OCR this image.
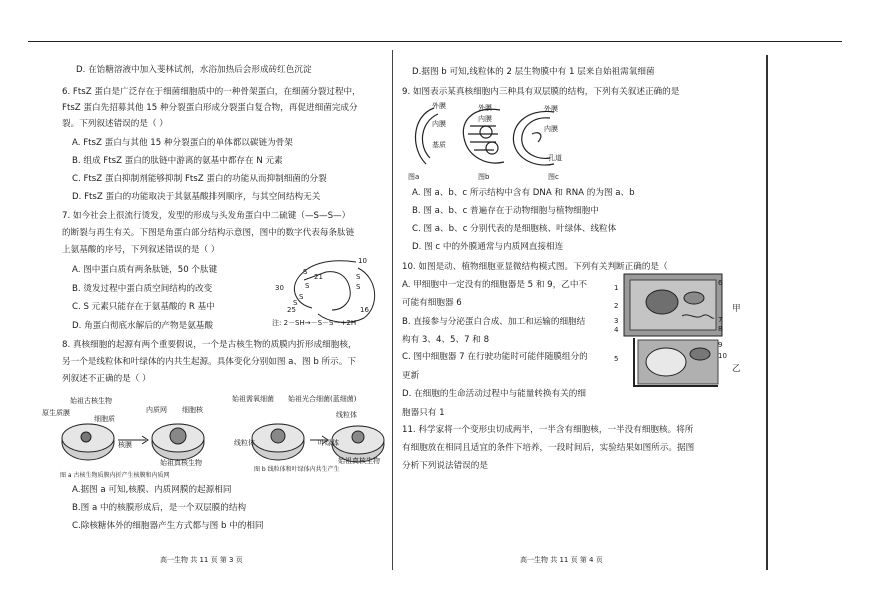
D. 在饴糖溶液中加入斐林试剂，水浴加热后会形成砖红色沉淀
6. FtsZ 蛋白是广泛存在于细菌细胞质中的一种骨架蛋白，在细菌分裂过程中，
FtsZ 蛋白先招募其他 15 种分裂蛋白形成分裂蛋白复合物，再促进细菌完成分
裂。下列叙述错误的是（ ）
A. FtsZ 蛋白与其他 15 种分裂蛋白的单体都以碳链为骨架
B. 组成 FtsZ 蛋白的肽链中游离的氨基中都存在 N 元素
C. FtsZ 蛋白抑制剂能够抑制 FtsZ 蛋白的功能从而抑制细菌的分裂
D. FtsZ 蛋白的功能取决于其氨基酸排列顺序，与其空间结构无关
7. 如今社会上很流行烫发，发型的形成与头发角蛋白中二硫键（—S—S—）
的断裂与再生有关。下图是角蛋白部分结构示意图，图中的数字代表每条肽链
上氨基酸的序号，下列叙述错误的是（ ）
A. 图中蛋白质有两条肽链，50 个肽键
B. 烫发过程中蛋白质空间结构的改变
C. S 元素只能存在于氨基酸的 R 基中
D. 角蛋白彻底水解后的产物是氨基酸
8. 真核细胞的起源有两个重要假说，一个是古核生物的质膜内折形成细胞核，
另一个是线粒体和叶绿体的内共生起源。具体变化分别如图 a、图 b 所示。下
列叙述不正确的是（ ）
A.据图 a 可知,核膜、内质网膜的起源相同
B.图 a 中的核膜形成后，是一个双层膜的结构
C.除核糖体外的细胞器产生方式都与图 b 中的相同
10
21
30
16
25
S
S
S
S
S
S
注: 2－SH→－S－S－+2H
始祖古核生物
原生质膜	内质网 细胞核
细胞质
核膜
始祖真核生物
始祖需氧细菌 始祖光合细菌(蓝细菌)
线粒体
线粒体	叶绿体
始祖真核生物
图 a 古核生物质膜内折产生核膜和内质网
图 b 线粒体和叶绿体内共生产生
高一生物 共 11 页 第 3 页
D.据图 b 可知,线粒体的 2 层生物膜中有 1 层来自始祖需氧细菌
9. 如图表示某真核细胞内三种具有双层膜的结构，下列有关叙述正确的是
A. 图 a、b、c 所示结构中含有 DNA 和 RNA 的为图 a、b
B. 图 a、b、c 普遍存在于动物细胞与植物细胞中
C. 图 a、b、c 分别代表的是细胞核、叶绿体、线粒体
D. 图 c 中的外膜通常与内质网直接相连
10. 如图是动、植物细胞亚显微结构模式图。下列有关判断正确的是（
A. 甲细胞中一定没有的细胞器是 5 和 9，乙中不
可能有细胞器 6
B. 直接参与分泌蛋白合成、加工和运输的细胞结
构有 3、4、5、7 和 8
C. 图中细胞器 7 在行驶功能时可能伴随膜组分的
更新
D. 在细胞的生命活动过程中与能量转换有关的细
胞器只有 1
11. 科学家将一个变形虫切成两半，一半含有细胞核，一半没有细胞核。将所
有细胞放在相同且适宜的条件下培养，一段时间后，实验结果如图所示。据图
分析下列说法错误的是
外膜
内膜
基质
外膜
内膜
外膜
内膜
孔道
图a	图b	图c
1
2
3
4
5
6
7
8
9
10
甲
乙
高一生物 共 11 页 第 4 页
